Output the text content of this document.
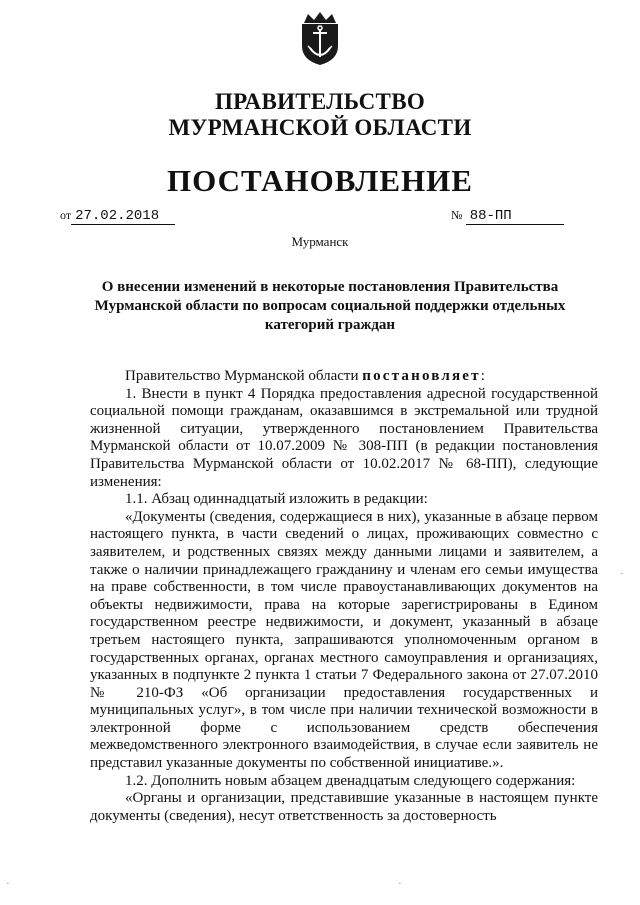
ПРАВИТЕЛЬСТВО
МУРМАНСКОЙ ОБЛАСТИ
ПОСТАНОВЛЕНИЕ
от 27.02.2018	№ 88-ПП
Мурманск
О внесении изменений в некоторые постановления Правительства Мурманской области по вопросам социальной поддержки отдельных категорий граждан

Правительство Мурманской области постановляет:

1. Внести в пункт 4 Порядка предоставления адресной государственной социальной помощи гражданам, оказавшимся в экстремальной или трудной жизненной ситуации, утвержденного постановлением Правительства Мурманской области от 10.07.2009 № 308-ПП (в редакции постановления Правительства Мурманской области от 10.02.2017 № 68-ПП), следующие изменения:

1.1. Абзац одиннадцатый изложить в редакции:

«Документы (сведения, содержащиеся в них), указанные в абзаце первом настоящего пункта, в части сведений о лицах, проживающих совместно с заявителем, и родственных связях между данными лицами и заявителем, а также о наличии принадлежащего гражданину и членам его семьи имущества на праве собственности, в том числе правоустанавливающих документов на объекты недвижимости, права на которые зарегистрированы в Едином государственном реестре недвижимости, и документ, указанный в абзаце третьем настоящего пункта, запрашиваются уполномоченным органом в государственных органах, органах местного самоуправления и организациях, указанных в подпункте 2 пункта 1 статьи 7 Федерального закона от 27.07.2010 № 210-ФЗ «Об организации предоставления государственных и муниципальных услуг», в том числе при наличии технической возможности в электронной форме с использованием средств обеспечения межведомственного электронного взаимодействия, в случае если заявитель не представил указанные документы по собственной инициативе.».

1.2. Дополнить новым абзацем двенадцатым следующего содержания:

«Органы и организации, представившие указанные в настоящем пункте документы (сведения), несут ответственность за достоверность

·	·
·
